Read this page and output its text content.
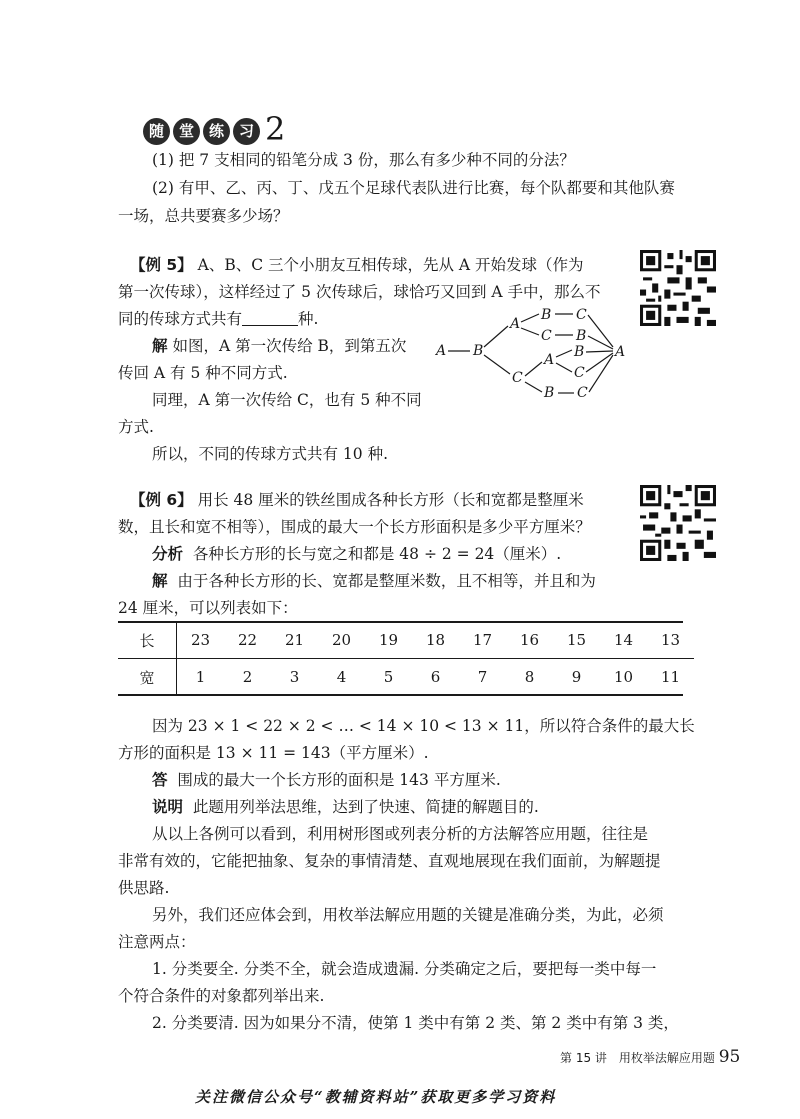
随 堂 练 习 2
(1) 把 7 支相同的铅笔分成 3 份，那么有多少种不同的分法？
(2) 有甲、乙、丙、丁、戊五个足球代表队进行比赛，每个队都要和其他队赛
一场，总共要赛多少场？
【例 5】 A、B、C 三个小朋友互相传球，先从 A 开始发球（作为
第一次传球），这样经过了 5 次传球后，球恰巧又回到 A 手中，那么不
同的传球方式共有	种.
解 如图，A 第一次传给 B，到第五次
传回 A 有 5 种不同方式.
同理，A 第一次传给 C，也有 5 种不同
方式.
所以，不同的传球方式共有 10 种.
A B
A
C
B
C
C
B
A
B
B
C
C
A
【例 6】 用长 48 厘米的铁丝围成各种长方形（长和宽都是整厘米
数，且长和宽不相等），围成的最大一个长方形面积是多少平方厘米？
分析 各种长方形的长与宽之和都是 48 ÷ 2 = 24（厘米）.
解 由于各种长方形的长、宽都是整厘米数，且不相等，并且和为
24 厘米，可以列表如下：
长	23	22	21	20	19	18	17	16	15	14	13
宽	1	2	3	4	5	6	7	8	9	10	11
因为 23 × 1 < 22 × 2 < … < 14 × 10 < 13 × 11，所以符合条件的最大长
方形的面积是 13 × 11 = 143（平方厘米）.
答 围成的最大一个长方形的面积是 143 平方厘米.
说明 此题用列举法思维，达到了快速、简捷的解题目的.
从以上各例可以看到，利用树形图或列表分析的方法解答应用题，往往是
非常有效的，它能把抽象、复杂的事情清楚、直观地展现在我们面前，为解题提
供思路.
另外，我们还应体会到，用枚举法解应用题的关键是准确分类，为此，必须
注意两点：
1. 分类要全. 分类不全，就会造成遗漏. 分类确定之后，要把每一类中每一
个符合条件的对象都列举出来.
2. 分类要清. 因为如果分不清，使第 1 类中有第 2 类、第 2 类中有第 3 类，
第 15 讲　用枚举法解应用题 95
关注微信公众号“教辅资料站”获取更多学习资料
